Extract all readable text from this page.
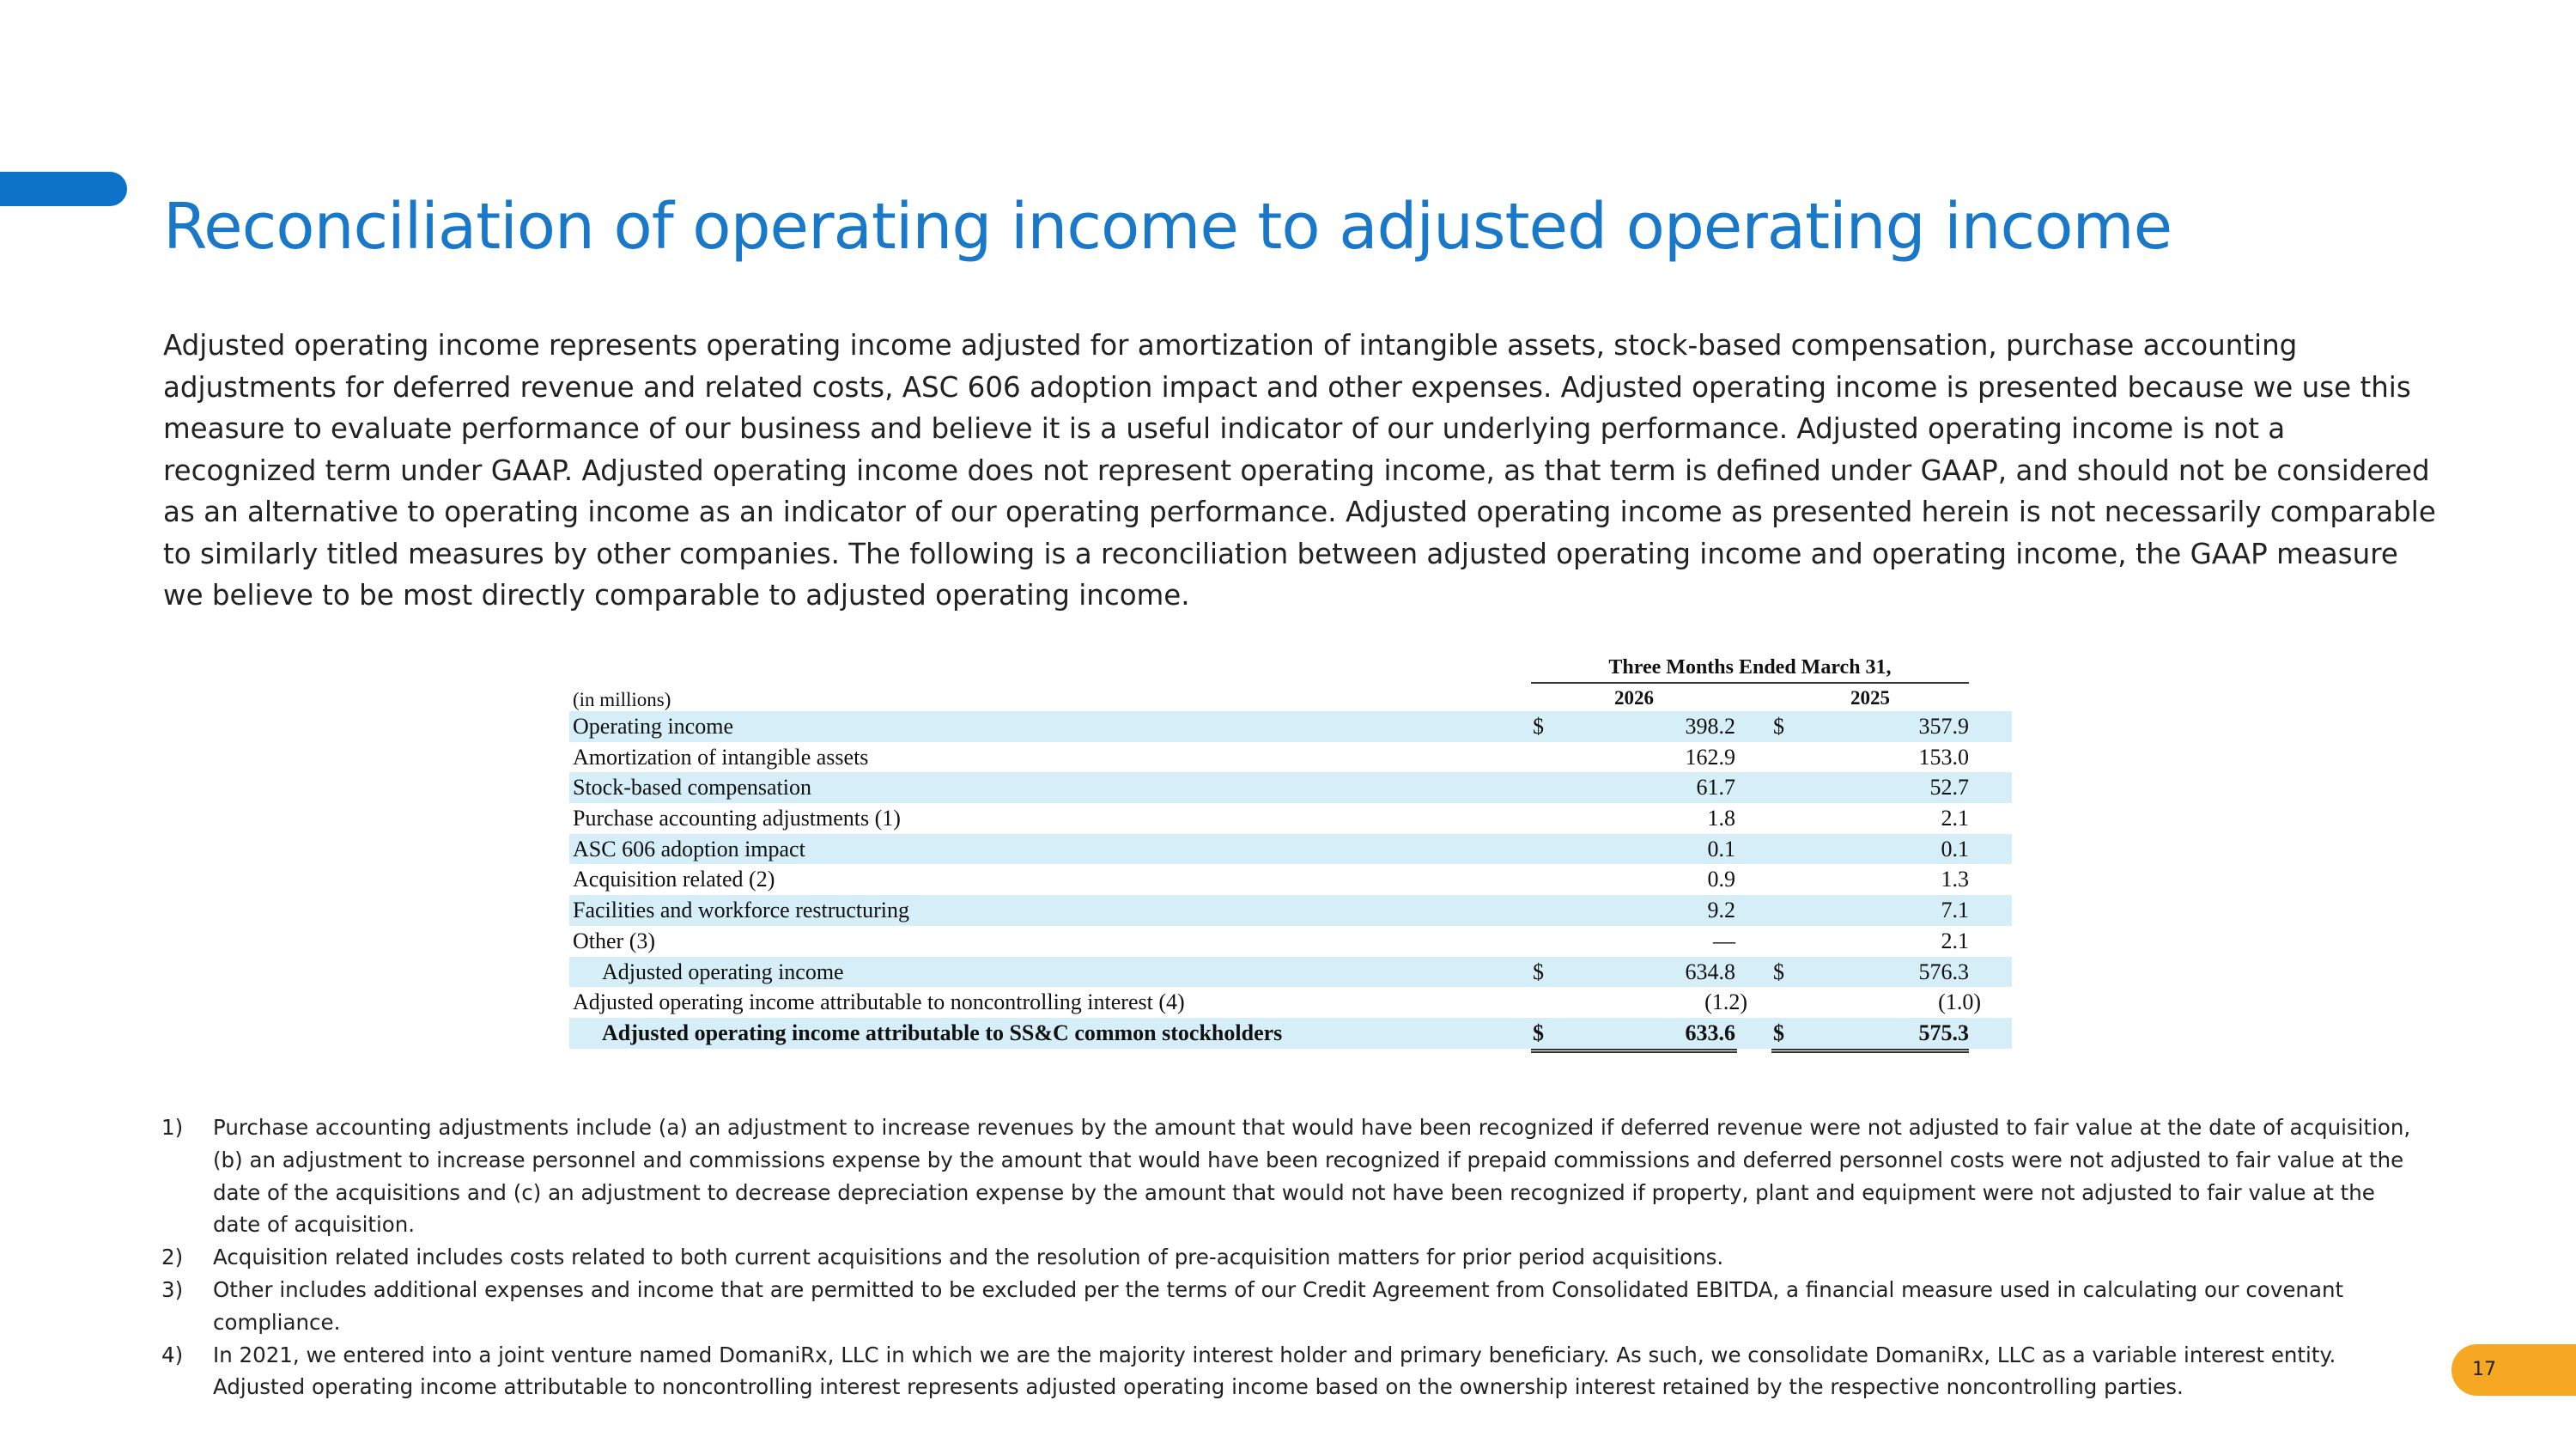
Reconciliation of operating income to adjusted operating income

Adjusted operating income represents operating income adjusted for amortization of intangible assets, stock-based compensation, purchase accounting adjustments for deferred revenue and related costs, ASC 606 adoption impact and other expenses. Adjusted operating income is presented because we use this measure to evaluate performance of our business and believe it is a useful indicator of our underlying performance. Adjusted operating income is not a recognized term under GAAP. Adjusted operating income does not represent operating income, as that term is defined under GAAP, and should not be considered as an alternative to operating income as an indicator of our operating performance. Adjusted operating income as presented herein is not necessarily comparable to similarly titled measures by other companies. The following is a reconciliation between adjusted operating income and operating income, the GAAP measure we believe to be most directly comparable to adjusted operating income.

Three Months Ended March 31,
(in millions)	2026	2025
Operating income	$	398.2 $	357.9
Amortization of intangible assets	162.9	153.0
Stock-based compensation	61.7	52.7
Purchase accounting adjustments (1)	1.8	2.1
ASC 606 adoption impact	0.1	0.1
Acquisition related (2)	0.9	1.3
Facilities and workforce restructuring	9.2	7.1
Other (3)	—	2.1
Adjusted operating income	$	634.8 $	576.3
Adjusted operating income attributable to noncontrolling interest (4)	(1.2)	(1.0)
Adjusted operating income attributable to SS&C common stockholders	$	633.6 $	575.3
1) Purchase accounting adjustments include (a) an adjustment to increase revenues by the amount that would have been recognized if deferred revenue were not adjusted to fair value at the date of acquisition, (b) an adjustment to increase personnel and commissions expense by the amount that would have been recognized if prepaid commissions and deferred personnel costs were not adjusted to fair value at the date of the acquisitions and (c) an adjustment to decrease depreciation expense by the amount that would not have been recognized if property, plant and equipment were not adjusted to fair value at the date of acquisition.
2) Acquisition related includes costs related to both current acquisitions and the resolution of pre-acquisition matters for prior period acquisitions.
3) Other includes additional expenses and income that are permitted to be excluded per the terms of our Credit Agreement from Consolidated EBITDA, a financial measure used in calculating our covenant compliance.
4) In 2021, we entered into a joint venture named DomaniRx, LLC in which we are the majority interest holder and primary beneficiary. As such, we consolidate DomaniRx, LLC as a variable interest entity. Adjusted operating income attributable to noncontrolling interest represents adjusted operating income based on the ownership interest retained by the respective noncontrolling parties.
17
